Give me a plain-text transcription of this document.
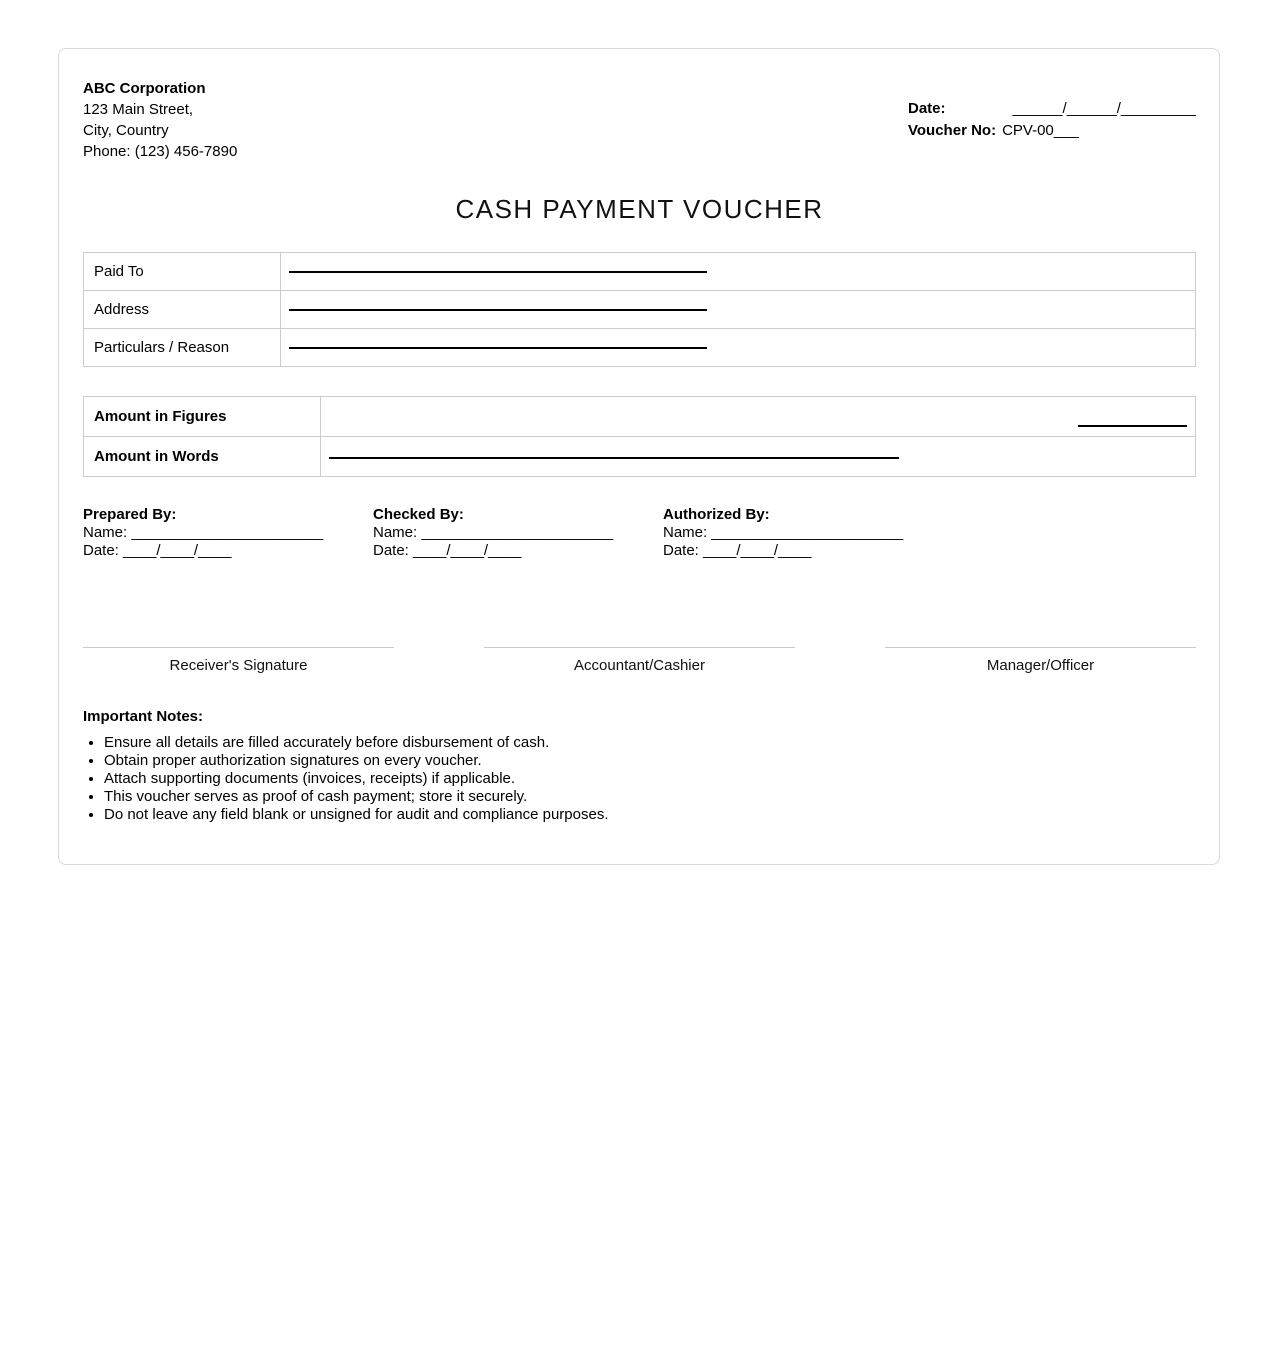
ABC Corporation
123 Main Street,
City, Country
Phone: (123) 456-7890
Date:	______/______/_________
Voucher No: CPV-00___
CASH PAYMENT VOUCHER
Paid To	

Address	

Particulars / Reason	
Amount in Figures	

Amount in Words	
Prepared By:
Name: _______________________
Date: ____/____/____
Checked By:
Name: _______________________
Date: ____/____/____
Authorized By:
Name: _______________________
Date: ____/____/____
Receiver's Signature	Accountant/Cashier	Manager/Officer
Important Notes:
• Ensure all details are filled accurately before disbursement of cash.
• Obtain proper authorization signatures on every voucher.
• Attach supporting documents (invoices, receipts) if applicable.
• This voucher serves as proof of cash payment; store it securely.
• Do not leave any field blank or unsigned for audit and compliance purposes.
